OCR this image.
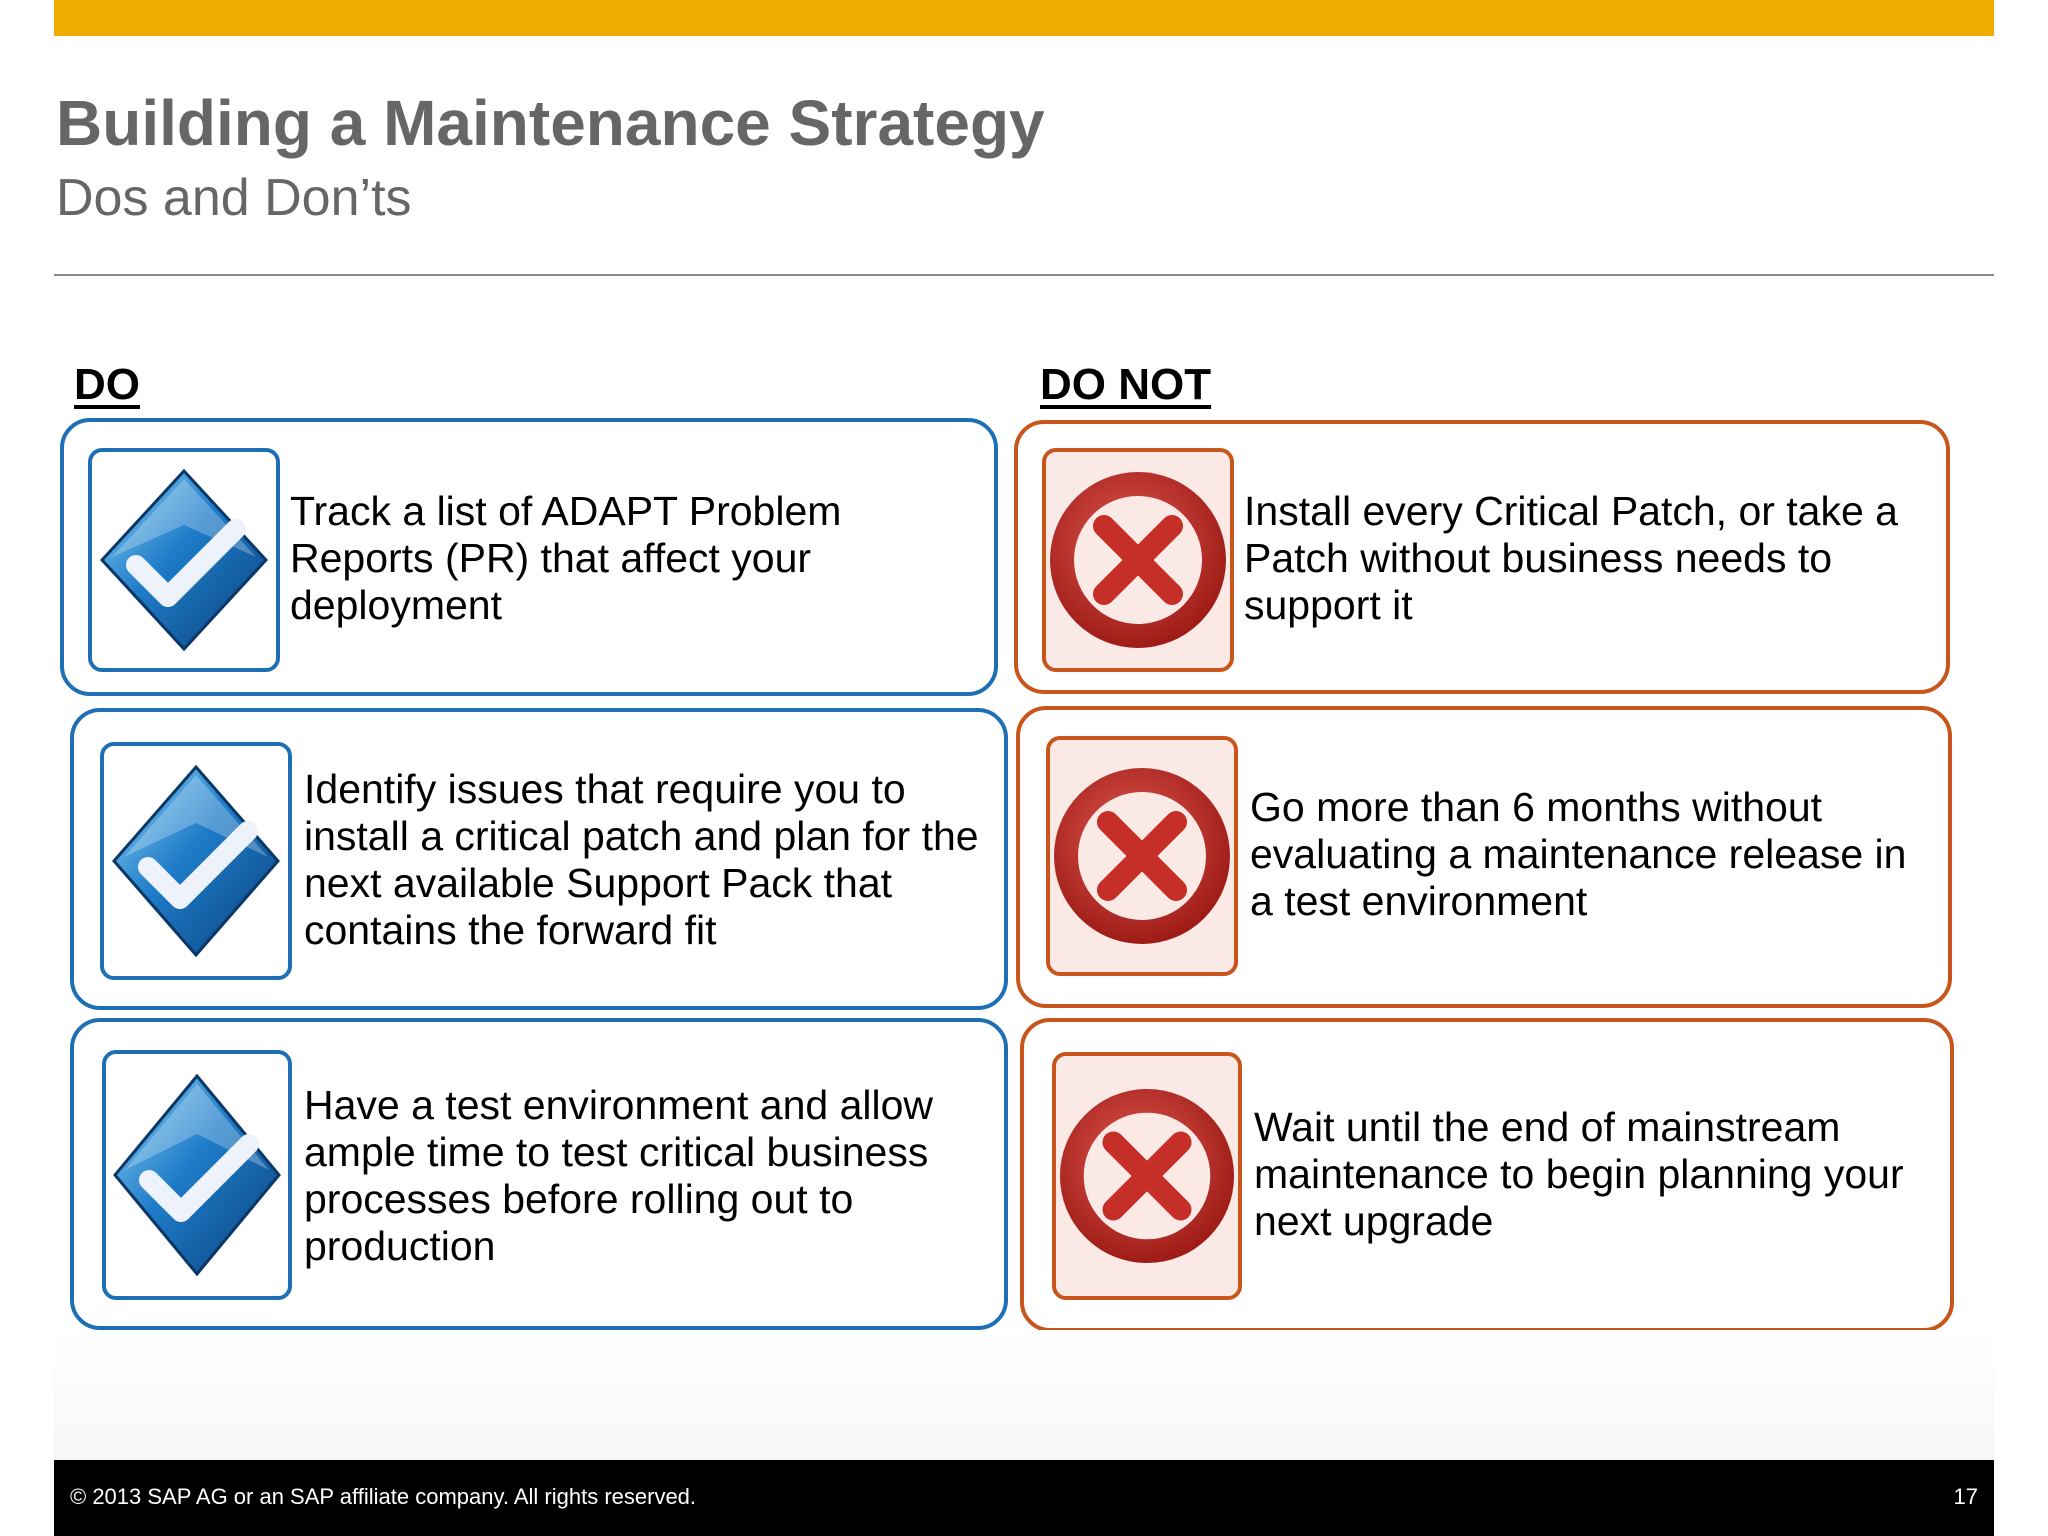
Building a Maintenance Strategy
Dos and Don’ts
DO	DO NOT
Track a list of ADAPT Problem Reports (PR) that affect your deployment
Identify issues that require you to install a critical patch and plan for the next available Support Pack that contains the forward fit
Have a test environment and allow ample time to test critical business processes before rolling out to production
Install every Critical Patch, or take a Patch without business needs to support it
Go more than 6 months without evaluating a maintenance release in a test environment
Wait until the end of mainstream maintenance to begin planning your next upgrade
© 2013 SAP AG or an SAP affiliate company. All rights reserved.	17
